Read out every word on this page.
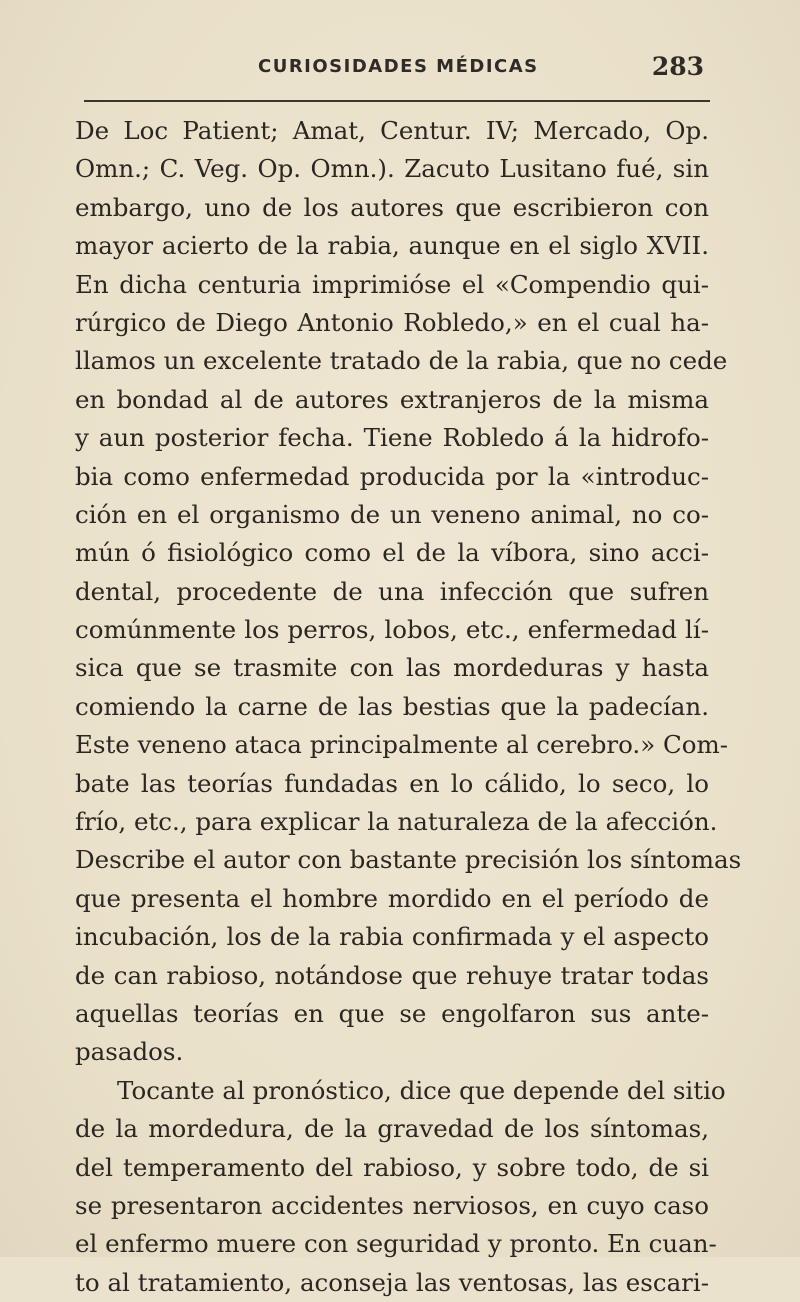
CURIOSIDADES MÉDICAS	283
De Loc Patient; Amat, Centur. IV; Mercado, Op.
Omn.; C. Veg. Op. Omn.). Zacuto Lusitano fué, sin
embargo, uno de los autores que escribieron con
mayor acierto de la rabia, aunque en el siglo XVII.
En dicha centuria imprimióse el «Compendio qui-
rúrgico de Diego Antonio Robledo,» en el cual ha-
llamos un excelente tratado de la rabia, que no cede
en bondad al de autores extranjeros de la misma
y aun posterior fecha. Tiene Robledo á la hidrofo-
bia como enfermedad producida por la «introduc-
ción en el organismo de un veneno animal, no co-
mún ó fisiológico como el de la víbora, sino acci-
dental, procedente de una infección que sufren
comúnmente los perros, lobos, etc., enfermedad lí-
sica que se trasmite con las mordeduras y hasta
comiendo la carne de las bestias que la padecían.
Este veneno ataca principalmente al cerebro.» Com-
bate las teorías fundadas en lo cálido, lo seco, lo
frío, etc., para explicar la naturaleza de la afección.
Describe el autor con bastante precisión los síntomas
que presenta el hombre mordido en el período de
incubación, los de la rabia confirmada y el aspecto
de can rabioso, notándose que rehuye tratar todas
aquellas teorías en que se engolfaron sus ante-
pasados.
Tocante al pronóstico, dice que depende del sitio
de la mordedura, de la gravedad de los síntomas,
del temperamento del rabioso, y sobre todo, de si
se presentaron accidentes nerviosos, en cuyo caso
el enfermo muere con seguridad y pronto. En cuan-
to al tratamiento, aconseja las ventosas, las escari-
